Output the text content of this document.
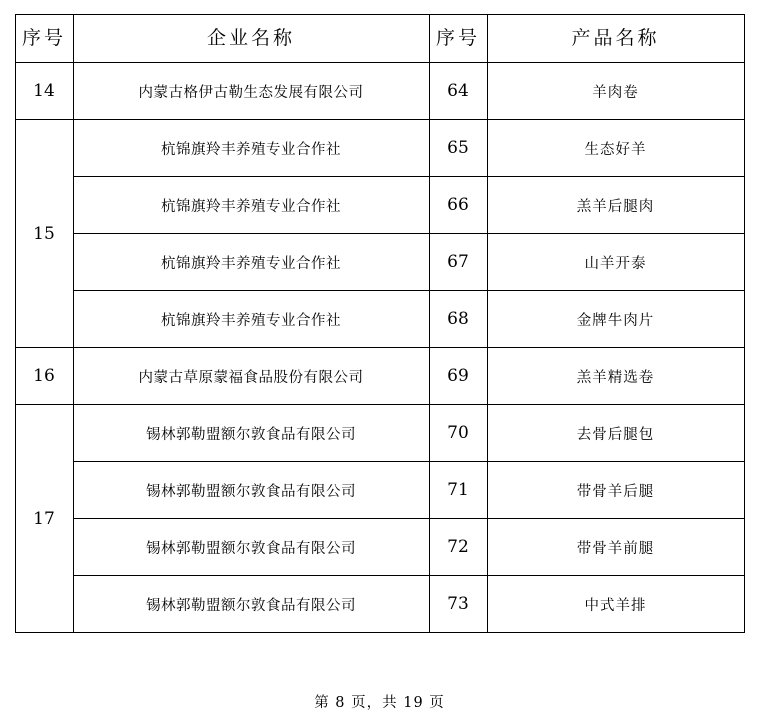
序号	企业名称	序号	产品名称

14	内蒙古格伊古勒生态发展有限公司	64	羊肉卷
15	杭锦旗羚丰养殖专业合作社	65	生态好羊
	杭锦旗羚丰养殖专业合作社	66	羔羊后腿肉
	杭锦旗羚丰养殖专业合作社	67	山羊开泰
	杭锦旗羚丰养殖专业合作社	68	金牌牛肉片
16	内蒙古草原蒙福食品股份有限公司	69	羔羊精选卷
17	锡林郭勒盟额尔敦食品有限公司	70	去骨后腿包
	锡林郭勒盟额尔敦食品有限公司	71	带骨羊后腿
	锡林郭勒盟额尔敦食品有限公司	72	带骨羊前腿
	锡林郭勒盟额尔敦食品有限公司	73	中式羊排
第 8 页，共 19 页
